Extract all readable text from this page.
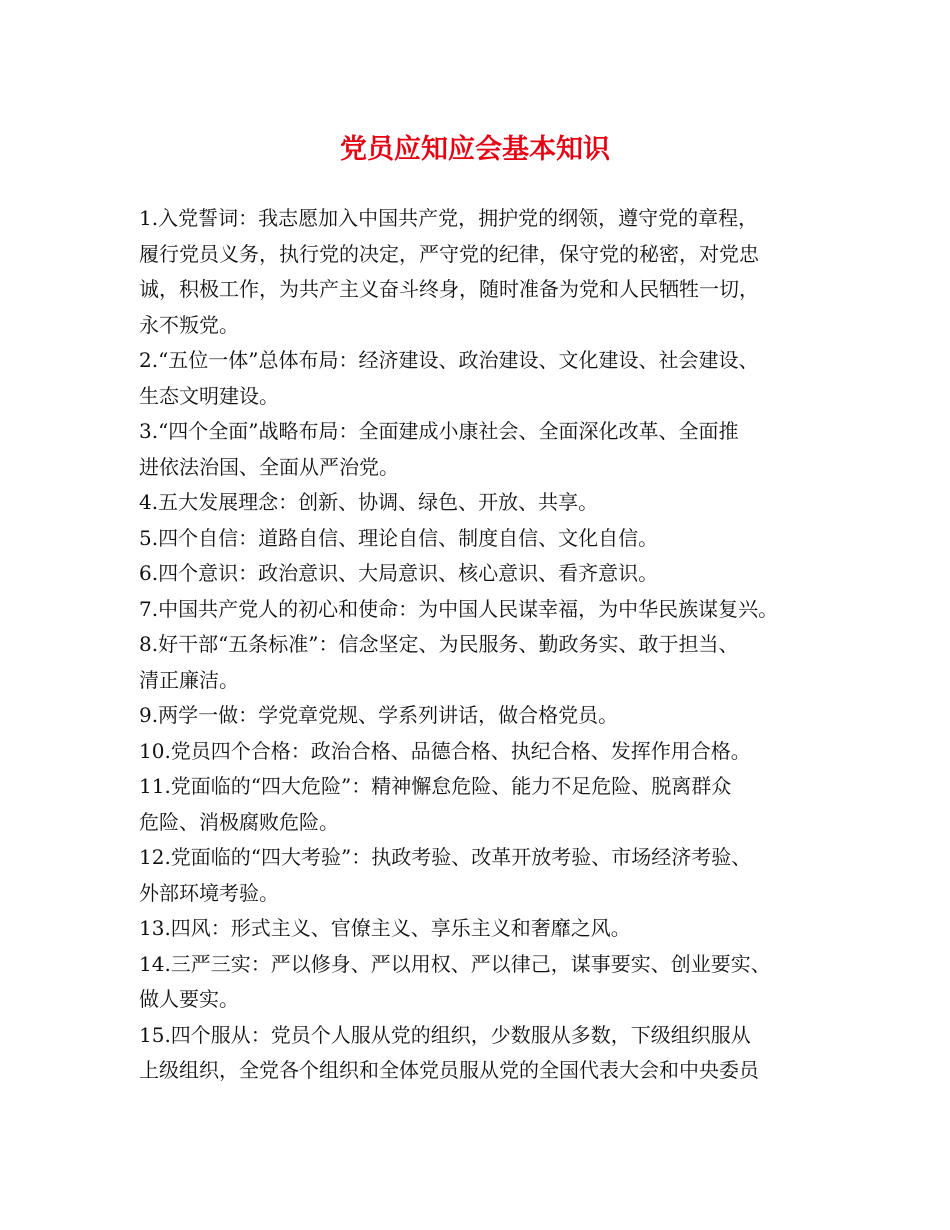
党员应知应会基本知识
1.入党誓词：我志愿加入中国共产党，拥护党的纲领，遵守党的章程，
履行党员义务，执行党的决定，严守党的纪律，保守党的秘密，对党忠
诚，积极工作，为共产主义奋斗终身，随时准备为党和人民牺牲一切，
永不叛党。
2.“五位一体”总体布局：经济建设、政治建设、文化建设、社会建设、
生态文明建设。
3.“四个全面”战略布局：全面建成小康社会、全面深化改革、全面推
进依法治国、全面从严治党。
4.五大发展理念：创新、协调、绿色、开放、共享。
5.四个自信：道路自信、理论自信、制度自信、文化自信。
6.四个意识：政治意识、大局意识、核心意识、看齐意识。
7.中国共产党人的初心和使命：为中国人民谋幸福，为中华民族谋复兴。
8.好干部“五条标准”：信念坚定、为民服务、勤政务实、敢于担当、
清正廉洁。
9.两学一做：学党章党规、学系列讲话，做合格党员。
10.党员四个合格：政治合格、品德合格、执纪合格、发挥作用合格。
11.党面临的“四大危险”：精神懈怠危险、能力不足危险、脱离群众
危险、消极腐败危险。
12.党面临的“四大考验”：执政考验、改革开放考验、市场经济考验、
外部环境考验。
13.四风：形式主义、官僚主义、享乐主义和奢靡之风。
14.三严三实：严以修身、严以用权、严以律己，谋事要实、创业要实、
做人要实。
15.四个服从：党员个人服从党的组织，少数服从多数，下级组织服从
上级组织，全党各个组织和全体党员服从党的全国代表大会和中央委员
